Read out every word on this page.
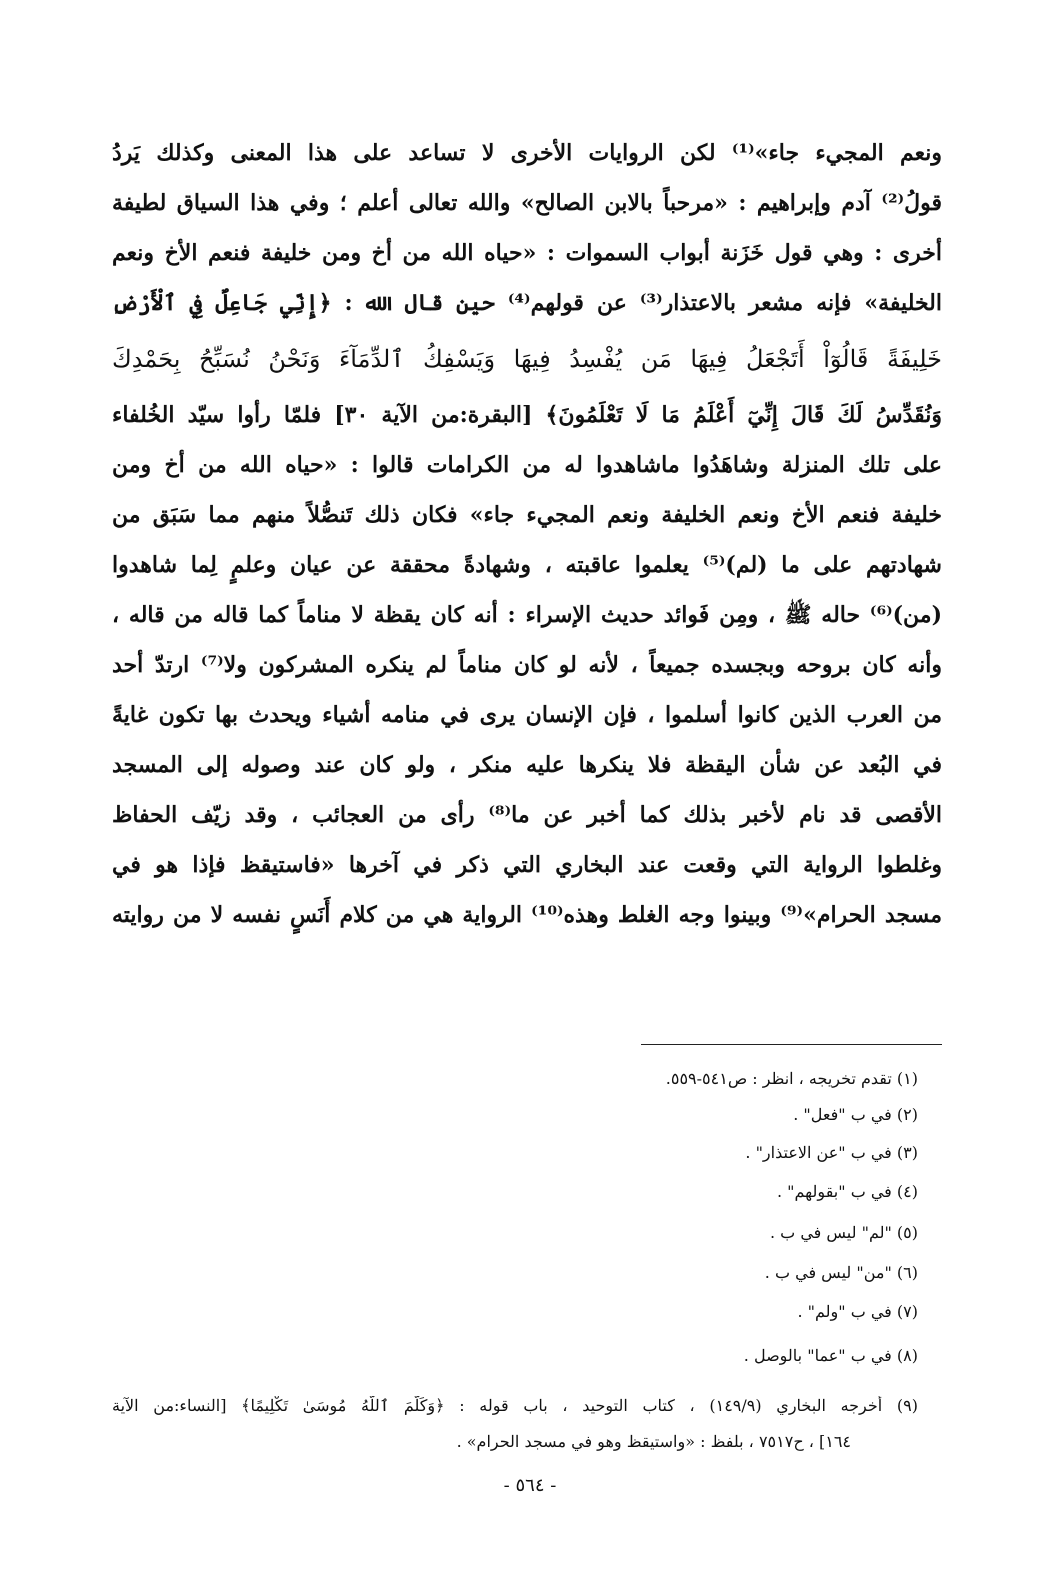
ونعم المجيء جاء»⁽¹⁾ لكن الروايات الأخرى لا تساعد على هذا المعنى وكذلك يَردُ
قولُ⁽²⁾ آدم وإبراهيم : «مرحباً بالابن الصالح» والله تعالى أعلم ؛ وفي هذا السياق لطيفة
أخرى : وهي قول خَزَنة أبواب السموات : «حياه الله من أخ ومن خليفة فنعم الأخ ونعم
الخليفة» فإنه مشعر بالاعتذار⁽³⁾ عن قولهم⁽⁴⁾ حين قال الله : ﴿إِنِّي جَاعِلٌ فِي ٱلْأَرْضِ
خَلِيفَةً قَالُوٓاْ أَتَجْعَلُ فِيهَا مَن يُفْسِدُ فِيهَا وَيَسْفِكُ ٱلدِّمَآءَ وَنَحْنُ نُسَبِّحُ بِحَمْدِكَ
وَنُقَدِّسُ لَكَ قَالَ إِنِّيٓ أَعْلَمُ مَا لَا تَعْلَمُونَ﴾ [البقرة:من الآية ٣٠] فلمّا رأوا سيّد الخُلفاء
على تلك المنزلة وشاهَدُوا ماشاهدوا له من الكرامات قالوا : «حياه الله من أخ ومن
خليفة فنعم الأخ ونعم الخليفة ونعم المجيء جاء» فكان ذلك تَنصُّلاً منهم مما سَبَق من
شهادتهم على ما (لم)⁽⁵⁾ يعلموا عاقبته ، وشهادةً محققة عن عيان وعلمٍ لِما شاهدوا
(من)⁽⁶⁾ حاله ﷺ ، ومِن فَوائد حديث الإسراء : أنه كان يقظة لا مناماً كما قاله من قاله ،
وأنه كان بروحه وبجسده جميعاً ، لأنه لو كان مناماً لم ينكره المشركون ولا⁽⁷⁾ ارتدّ أحد
من العرب الذين كانوا أسلموا ، فإن الإنسان يرى في منامه أشياء ويحدث بها تكون غايةً
في البُعد عن شأن اليقظة فلا ينكرها عليه منكر ، ولو كان عند وصوله إلى المسجد
الأقصى قد نام لأخبر بذلك كما أخبر عن ما⁽⁸⁾ رأى من العجائب ، وقد زيّف الحفاظ
وغلطوا الرواية التي وقعت عند البخاري التي ذكر في آخرها «فاستيقظ فإذا هو في
مسجد الحرام»⁽⁹⁾ وبينوا وجه الغلط وهذه⁽¹⁰⁾ الرواية هي من كلام أَنَسٍ نفسه لا من روايته
(١) تقدم تخريجه ، انظر : ص٥٤١-٥٥٩.
(٢) في ب "فعل" .
(٣) في ب "عن الاعتذار" .
(٤) في ب "بقولهم" .
(٥) "لم" ليس في ب .
(٦) "من" ليس في ب .
(٧) في ب "ولم" .
(٨) في ب "عما" بالوصل .
(٩) أخرجه البخاري (١٤٩/٩) ، كتاب التوحيد ، باب قوله : ﴿وَكَلَّمَ ٱللَّهُ مُوسَىٰ تَكْلِيمًا﴾ [النساء:من الآية
١٦٤] ، ح٧٥١٧ ، بلفظ : «واستيقظ وهو في مسجد الحرام» .
- ٥٦٤ -
